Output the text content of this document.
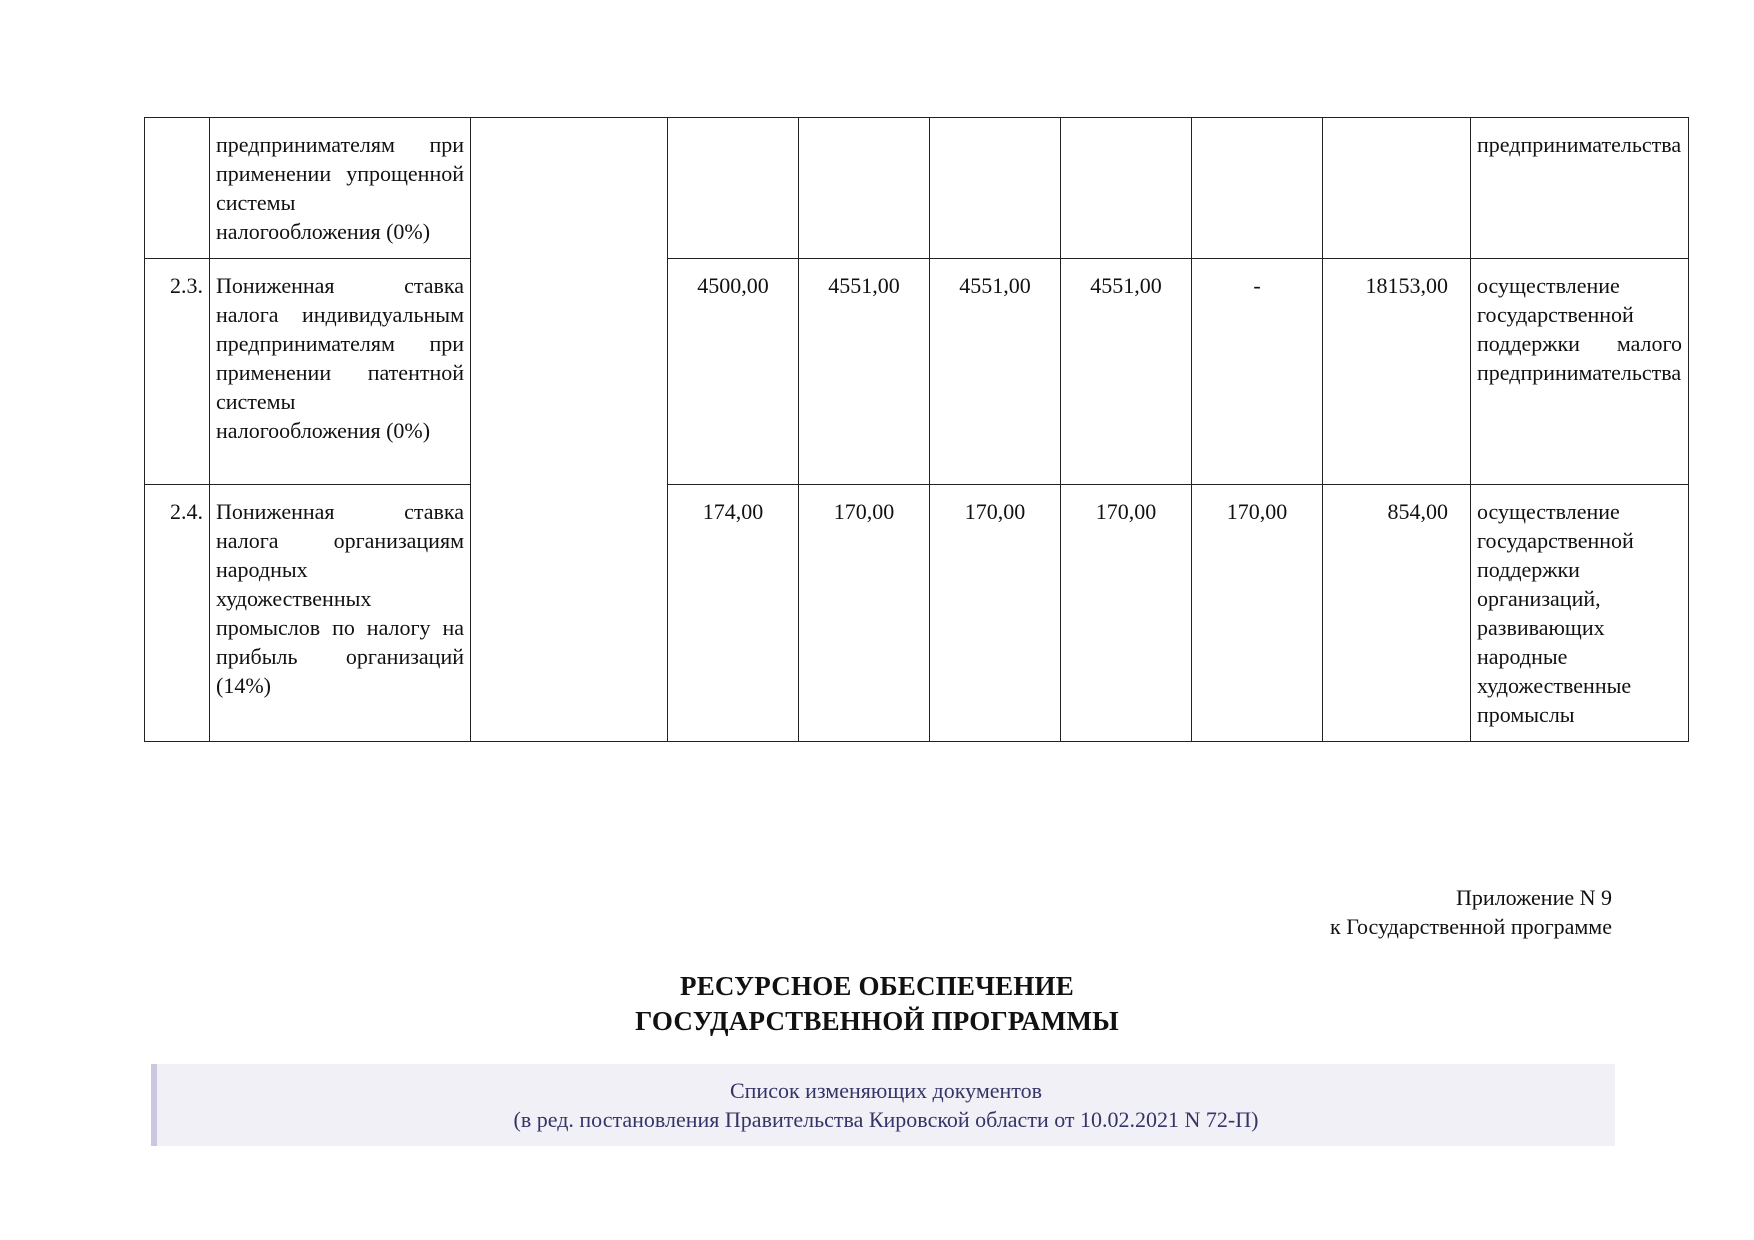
	предпринимателям при применении упрощенной системы налогообложения (0%)								предпринимательства
2.3.	Пониженная ставка налога индивидуальным предпринимателям при применении патентной системы налогообложения (0%)		4500,00	4551,00	4551,00	4551,00	-	18153,00	осуществление государственной поддержки малого предпринимательства
2.4.	Пониженная ставка налога организациям народных художественных промыслов по налогу на прибыль организаций (14%)		174,00	170,00	170,00	170,00	170,00	854,00	осуществление государственной поддержки организаций, развивающих народные художественные промыслы
Приложение N 9
к Государственной программе
РЕСУРСНОЕ ОБЕСПЕЧЕНИЕ
ГОСУДАРСТВЕННОЙ ПРОГРАММЫ
Список изменяющих документов
(в ред. постановления Правительства Кировской области от 10.02.2021 N 72-П)
